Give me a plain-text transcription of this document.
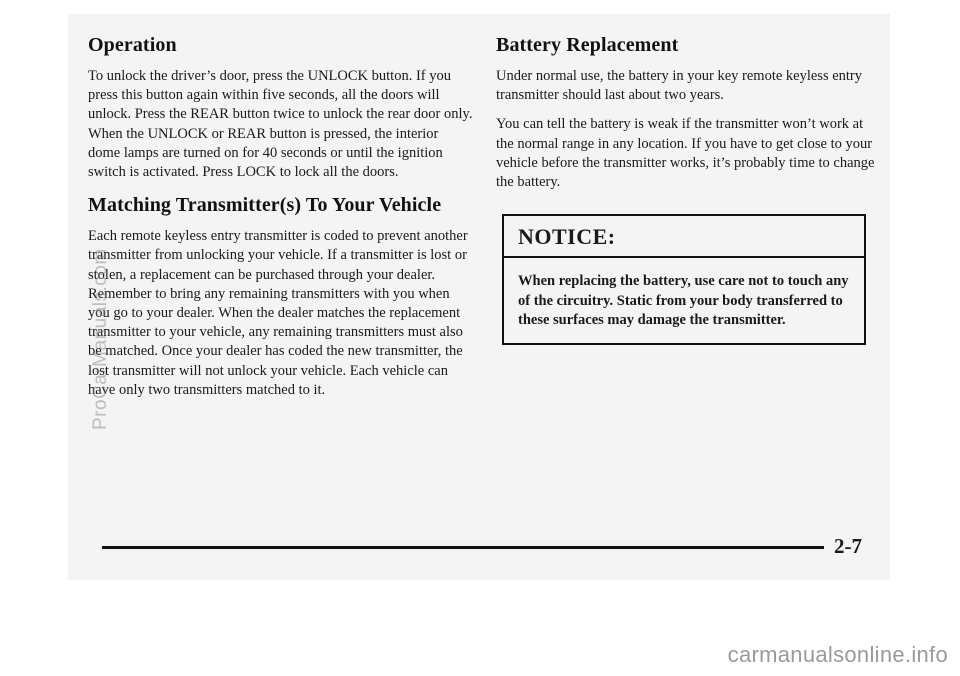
Operation

To unlock the driver’s door, press the UNLOCK button. If you press this button again within five seconds, all the doors will unlock. Press the REAR button twice to unlock the rear door only. When the UNLOCK or REAR button is pressed, the interior dome lamps are turned on for 40 seconds or until the ignition switch is activated. Press LOCK to lock all the doors.

Matching Transmitter(s) To Your Vehicle

Each remote keyless entry transmitter is coded to prevent another transmitter from unlocking your vehicle. If a transmitter is lost or stolen, a replacement can be purchased through your dealer. Remember to bring any remaining transmitters with you when you go to your dealer. When the dealer matches the replacement transmitter to your vehicle, any remaining transmitters must also be matched. Once your dealer has coded the new transmitter, the lost transmitter will not unlock your vehicle. Each vehicle can have only two transmitters matched to it.

Battery Replacement

Under normal use, the battery in your key remote keyless entry transmitter should last about two years.

You can tell the battery is weak if the transmitter won’t work at the normal range in any location. If you have to get close to your vehicle before the transmitter works, it’s probably time to change the battery.

NOTICE:
When replacing the battery, use care not to touch any of the circuitry. Static from your body transferred to these surfaces may damage the transmitter.
2-7
ProCarManuals.com
carmanualsonline.info
